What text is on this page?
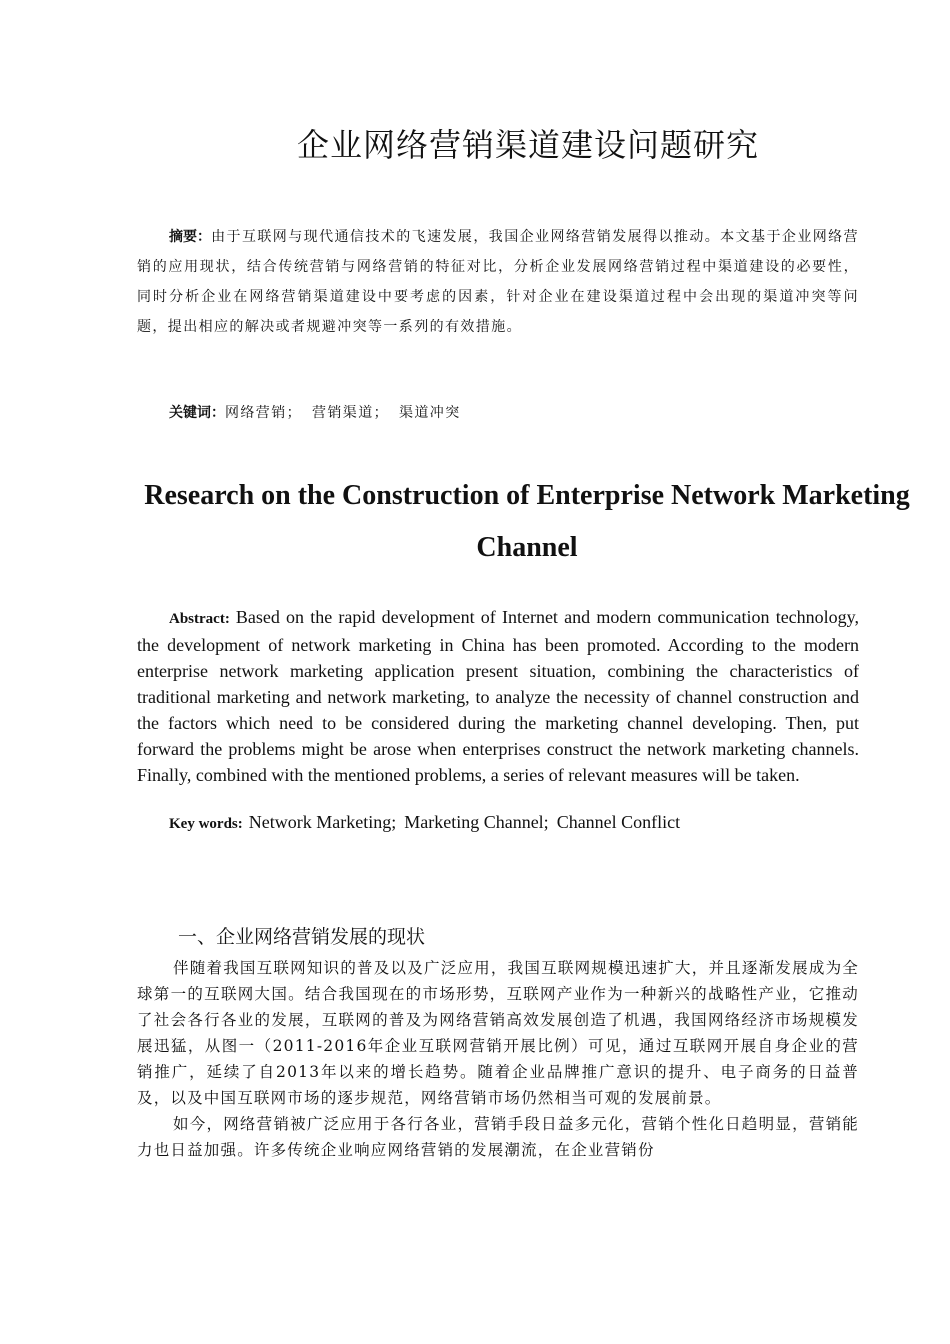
企业网络营销渠道建设问题研究

摘要：由于互联网与现代通信技术的飞速发展，我国企业网络营销发展得以推动。本文基于企业网络营销的应用现状，结合传统营销与网络营销的特征对比，分析企业发展网络营销过程中渠道建设的必要性，同时分析企业在网络营销渠道建设中要考虑的因素，针对企业在建设渠道过程中会出现的渠道冲突等问题，提出相应的解决或者规避冲突等一系列的有效措施。

关键词：网络营销； 营销渠道； 渠道冲突

Research on the Construction of Enterprise Network Marketing Channel

Abstract: Based on the rapid development of Internet and modern communication technology, the development of network marketing in China has been promoted. According to the modern enterprise network marketing application present situation, combining the characteristics of traditional marketing and network marketing, to analyze the necessity of channel construction and the factors which need to be considered during the marketing channel developing. Then, put forward the problems might be arose when enterprises construct the network marketing channels. Finally, combined with the mentioned problems, a series of relevant measures will be taken.

Key words: Network Marketing; Marketing Channel; Channel Conflict

一、企业网络营销发展的现状

伴随着我国互联网知识的普及以及广泛应用，我国互联网规模迅速扩大，并且逐渐发展成为全球第一的互联网大国。结合我国现在的市场形势，互联网产业作为一种新兴的战略性产业，它推动了社会各行各业的发展，互联网的普及为网络营销高效发展创造了机遇，我国网络经济市场规模发展迅猛，从图一（2011-2016年企业互联网营销开展比例）可见，通过互联网开展自身企业的营销推广，延续了自2013年以来的增长趋势。随着企业品牌推广意识的提升、电子商务的日益普及，以及中国互联网市场的逐步规范，网络营销市场仍然相当可观的发展前景。

如今，网络营销被广泛应用于各行各业，营销手段日益多元化，营销个性化日趋明显，营销能力也日益加强。许多传统企业响应网络营销的发展潮流，在企业营销份
